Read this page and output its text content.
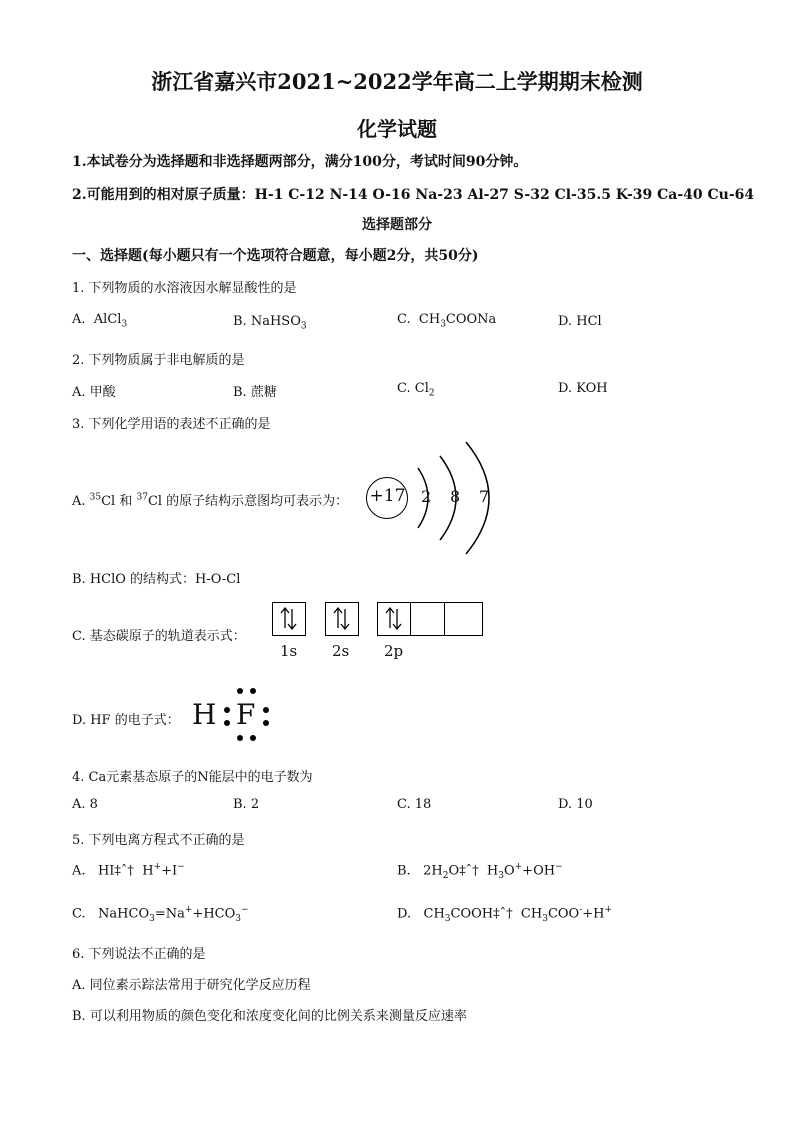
浙江省嘉兴市2021~2022学年高二上学期期末检测
化学试题
1.本试卷分为选择题和非选择题两部分，满分100分，考试时间90分钟。
2.可能用到的相对原子质量：H-1 C-12 N-14 O-16 Na-23 Al-27 S-32 Cl-35.5 K-39 Ca-40 Cu-64
选择题部分
一、选择题(每小题只有一个选项符合题意，每小题2分，共50分)
1. 下列物质的水溶液因水解显酸性的是
A. AlCl$_3$	B. NaHSO$_3$	C. $CH_3COONa$	D. HCl
2. 下列物质属于非电解质的是
A. 甲酸	B. 蔗糖	C. $Cl_2$	D. KOH
3. 下列化学用语的表述不正确的是
A. $^{35}$Cl 和 $^{37}$Cl 的原子结构示意图均可表示为： +17 2 8 7
B. HClO 的结构式：H-O-Cl
C. 基态碳原子的轨道表示式：
1s 2s 2p
D. HF 的电子式： H F
4. Ca元素基态原子的N能层中的电子数为
A. 8	B. 2	C. 18	D. 10
5. 下列电离方程式不正确的是
A. HI‡ˆ† H++I−	B. $2H_2O\ddagger ˆ\dagger$ $H_3O^++OH^-$
C. $NaHCO_3=Na^++HCO_3^-$	D. $CH_3COOH\ddagger ˆ\dagger$ $CH_3COO^-+H^+$
6. 下列说法不正确的是
A. 同位素示踪法常用于研究化学反应历程
B. 可以利用物质的颜色变化和浓度变化间的比例关系来测量反应速率
